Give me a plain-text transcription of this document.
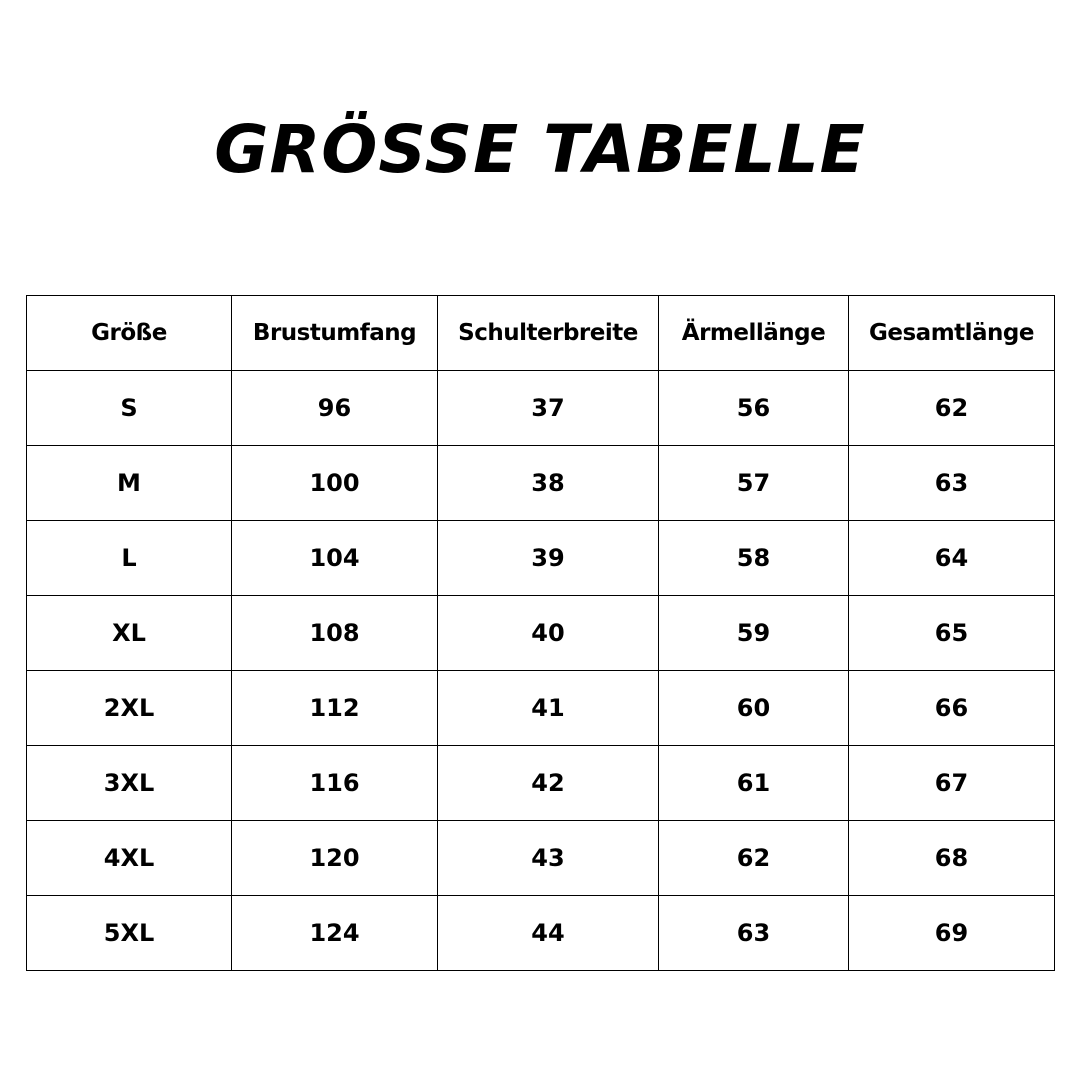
GRÖSSE TABELLE
Größe	Brustumfang	Schulterbreite	Ärmellänge	Gesamtlänge
S	96	37	56	62
M	100	38	57	63
L	104	39	58	64
XL	108	40	59	65
2XL	112	41	60	66
3XL	116	42	61	67
4XL	120	43	62	68
5XL	124	44	63	69
